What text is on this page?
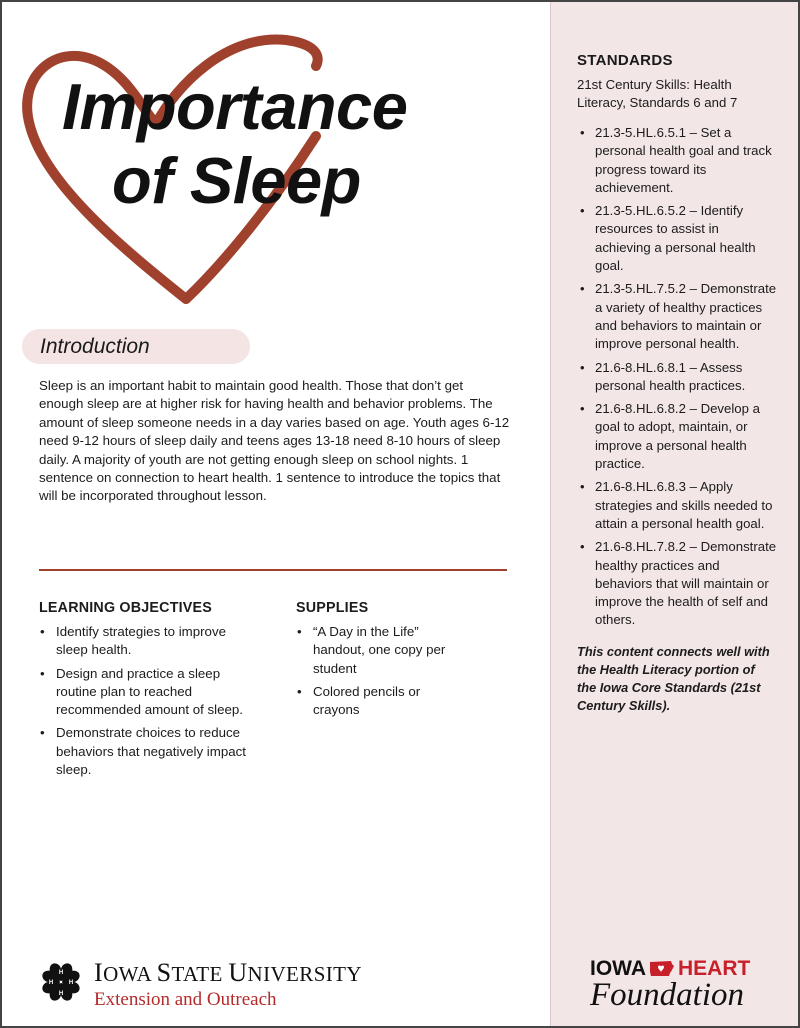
Importance
of Sleep
Introduction

Sleep is an important habit to maintain good health. Those that don’t get enough sleep are at higher risk for having health and behavior problems. The amount of sleep someone needs in a day varies based on age. Youth ages 6-12 need 9-12 hours of sleep daily and teens ages 13-18 need 8-10 hours of sleep daily. A majority of youth are not getting enough sleep on school nights. 1 sentence on connection to heart health. 1 sentence to introduce the topics that will be incorporated throughout lesson.

LEARNING OBJECTIVES
• Identify strategies to improve sleep health.
• Design and practice a sleep routine plan to reached recommended amount of sleep.
• Demonstrate choices to reduce behaviors that negatively impact sleep.
SUPPLIES
• “A Day in the Life” handout, one copy per student
• Colored pencils or crayons
STANDARDS
21st Century Skills: Health Literacy, Standards 6 and 7
• 21.3-5.HL.6.5.1 – Set a personal health goal and track progress toward its achievement.
• 21.3-5.HL.6.5.2 – Identify resources to assist in achieving a personal health goal.
• 21.3-5.HL.7.5.2 – Demonstrate a variety of healthy practices and behaviors to maintain or improve personal health.
• 21.6-8.HL.6.8.1 – Assess personal health practices.
• 21.6-8.HL.6.8.2 – Develop a goal to adopt, maintain, or improve a personal health practice.
• 21.6-8.HL.6.8.3 – Apply strategies and skills needed to attain a personal health goal.
• 21.6-8.HL.7.8.2 – Demonstrate healthy practices and behaviors that will maintain or improve the health of self and others.

This content connects well with the Health Literacy portion of the Iowa Core Standards (21st Century Skills).

H
H
H	H IOWA STATE UNIVERSITY
Extension and Outreach
IOWA HEART
Foundation
